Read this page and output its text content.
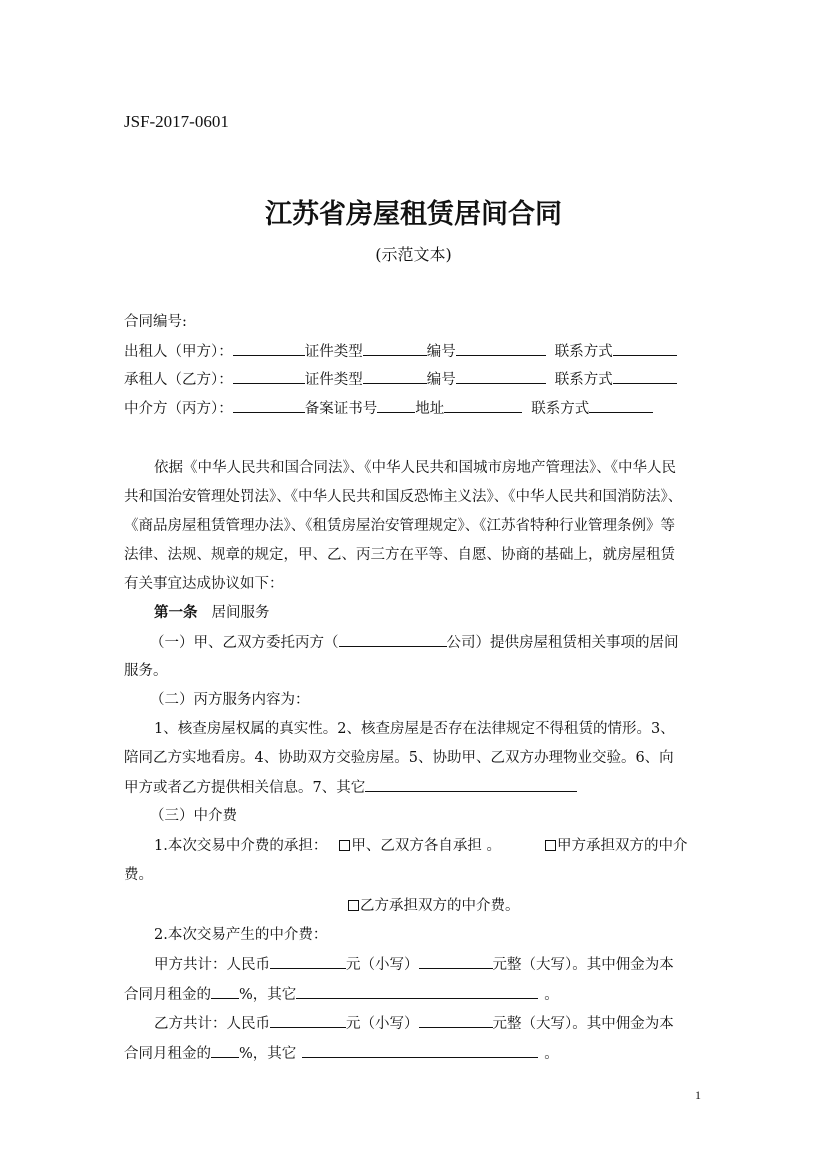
JSF-2017-0601
江苏省房屋租赁居间合同
(示范文本)
合同编号:
出租人（甲方）：	证件类型	编号	联系方式
承租人（乙方）：	证件类型	编号	联系方式
中介方（丙方）：	备案证书号	地址	联系方式
依据《中华人民共和国合同法》、《中华人民共和国城市房地产管理法》、《中华人民
共和国治安管理处罚法》、《中华人民共和国反恐怖主义法》、《中华人民共和国消防法》、
《商品房屋租赁管理办法》、《租赁房屋治安管理规定》、《江苏省特种行业管理条例》等
法律、法规、规章的规定，甲、乙、丙三方在平等、自愿、协商的基础上，就房屋租赁
有关事宜达成协议如下：
第一条 居间服务
（一）甲、乙双方委托丙方（	公司）提供房屋租赁相关事项的居间
服务。
（二）丙方服务内容为：
1、核查房屋权属的真实性。2、核查房屋是否存在法律规定不得租赁的情形。3、
陪同乙方实地看房。4、协助双方交验房屋。5、协助甲、乙双方办理物业交验。6、向
甲方或者乙方提供相关信息。7、其它
（三）中介费
1.本次交易中介费的承担： 甲、乙双方各自承担 。	甲方承担双方的中介
费。
乙方承担双方的中介费。
2.本次交易产生的中介费：
甲方共计：人民币	元（小写）	元整（大写）。其中佣金为本
合同月租金的 %，其它	。
乙方共计：人民币	元（小写）	元整（大写）。其中佣金为本
合同月租金的 %，其它	。
1
